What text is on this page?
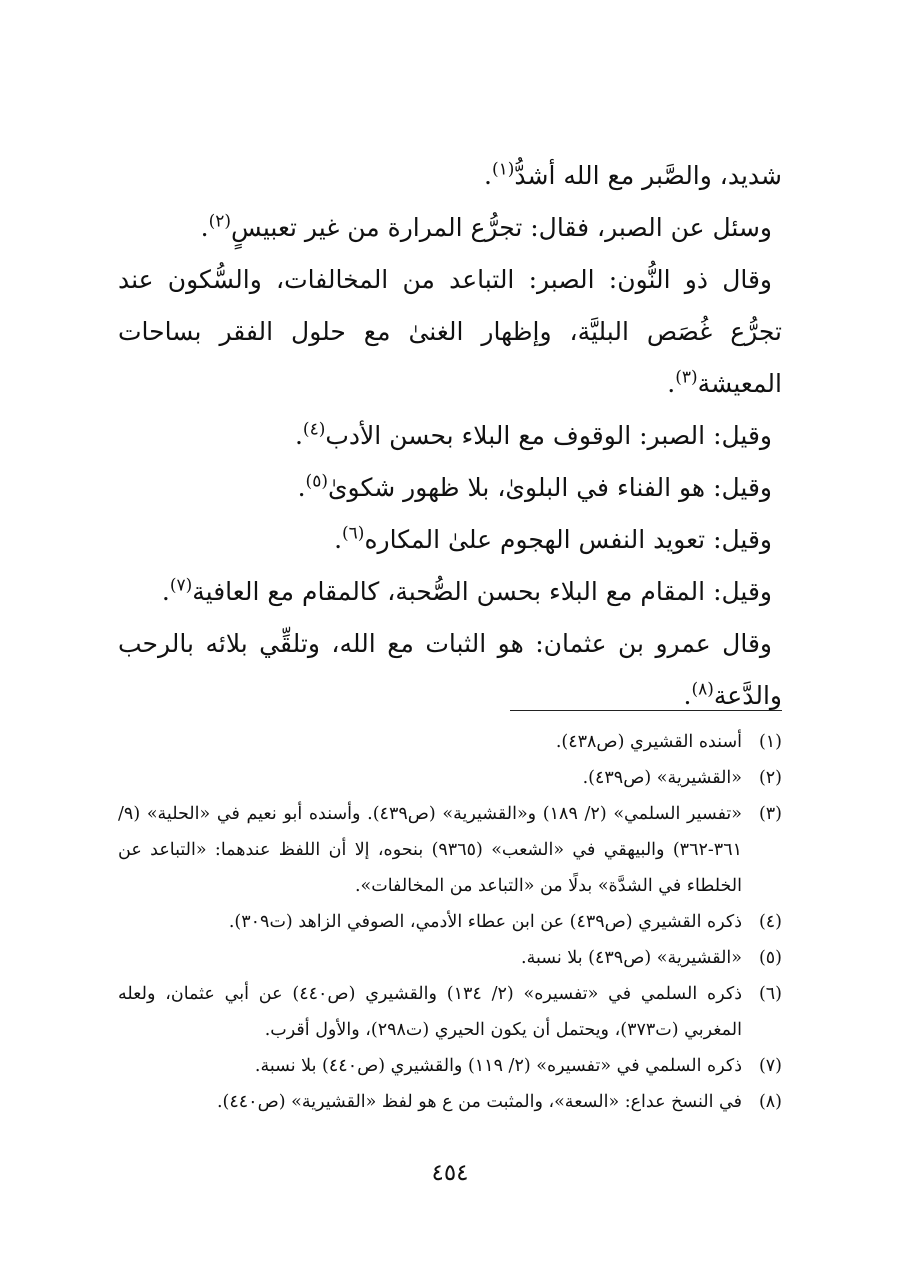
شديد، والصَّبر مع الله أشدُّ$^{(١)}$.

وسئل عن الصبر، فقال: تجرُّع المرارة من غير تعبيسٍ$^{(٢)}$.

وقال ذو النُّون: الصبر: التباعد من المخالفات، والسُّكون عند تجرُّع غُصَص البليَّة، وإظهار الغنىٰ مع حلول الفقر بساحات المعيشة$^{(٣)}$.

وقيل: الصبر: الوقوف مع البلاء بحسن الأدب$^{(٤)}$.

وقيل: هو الفناء في البلوىٰ، بلا ظهور شكوىٰ$^{(٥)}$.

وقيل: تعويد النفس الهجوم علىٰ المكاره$^{(٦)}$.

وقيل: المقام مع البلاء بحسن الصُّحبة، كالمقام مع العافية$^{(٧)}$.

وقال عمرو بن عثمان: هو الثبات مع الله، وتلقِّي بلائه بالرحب والدَّعة$^{(٨)}$.

(١)
أسنده القشيري (ص٤٣٨).
(٢)
«القشيرية» (ص٤٣٩).
(٣)
«تفسير السلمي» (٢/ ١٨٩) و«القشيرية» (ص٤٣٩). وأسنده أبو نعيم في «الحلية» (٩/ ٣٦١-٣٦٢) والبيهقي في «الشعب» (٩٣٦٥) بنحوه، إلا أن اللفظ عندهما: «التباعد عن الخلطاء في الشدَّة» بدلًا من «التباعد من المخالفات».
(٤)
ذكره القشيري (ص٤٣٩) عن ابن عطاء الأدمي، الصوفي الزاهد (ت٣٠٩).
(٥)
«القشيرية» (ص٤٣٩) بلا نسبة.
(٦)
ذكره السلمي في «تفسيره» (٢/ ١٣٤) والقشيري (ص٤٤٠) عن أبي عثمان، ولعله المغربي (ت٣٧٣)، ويحتمل أن يكون الحيري (ت٢٩٨)، والأول أقرب.
(٧)
ذكره السلمي في «تفسيره» (٢/ ١١٩) والقشيري (ص٤٤٠) بلا نسبة.
(٨)
في النسخ عداع: «السعة»، والمثبت من ع هو لفظ «القشيرية» (ص٤٤٠).
٤٥٤
